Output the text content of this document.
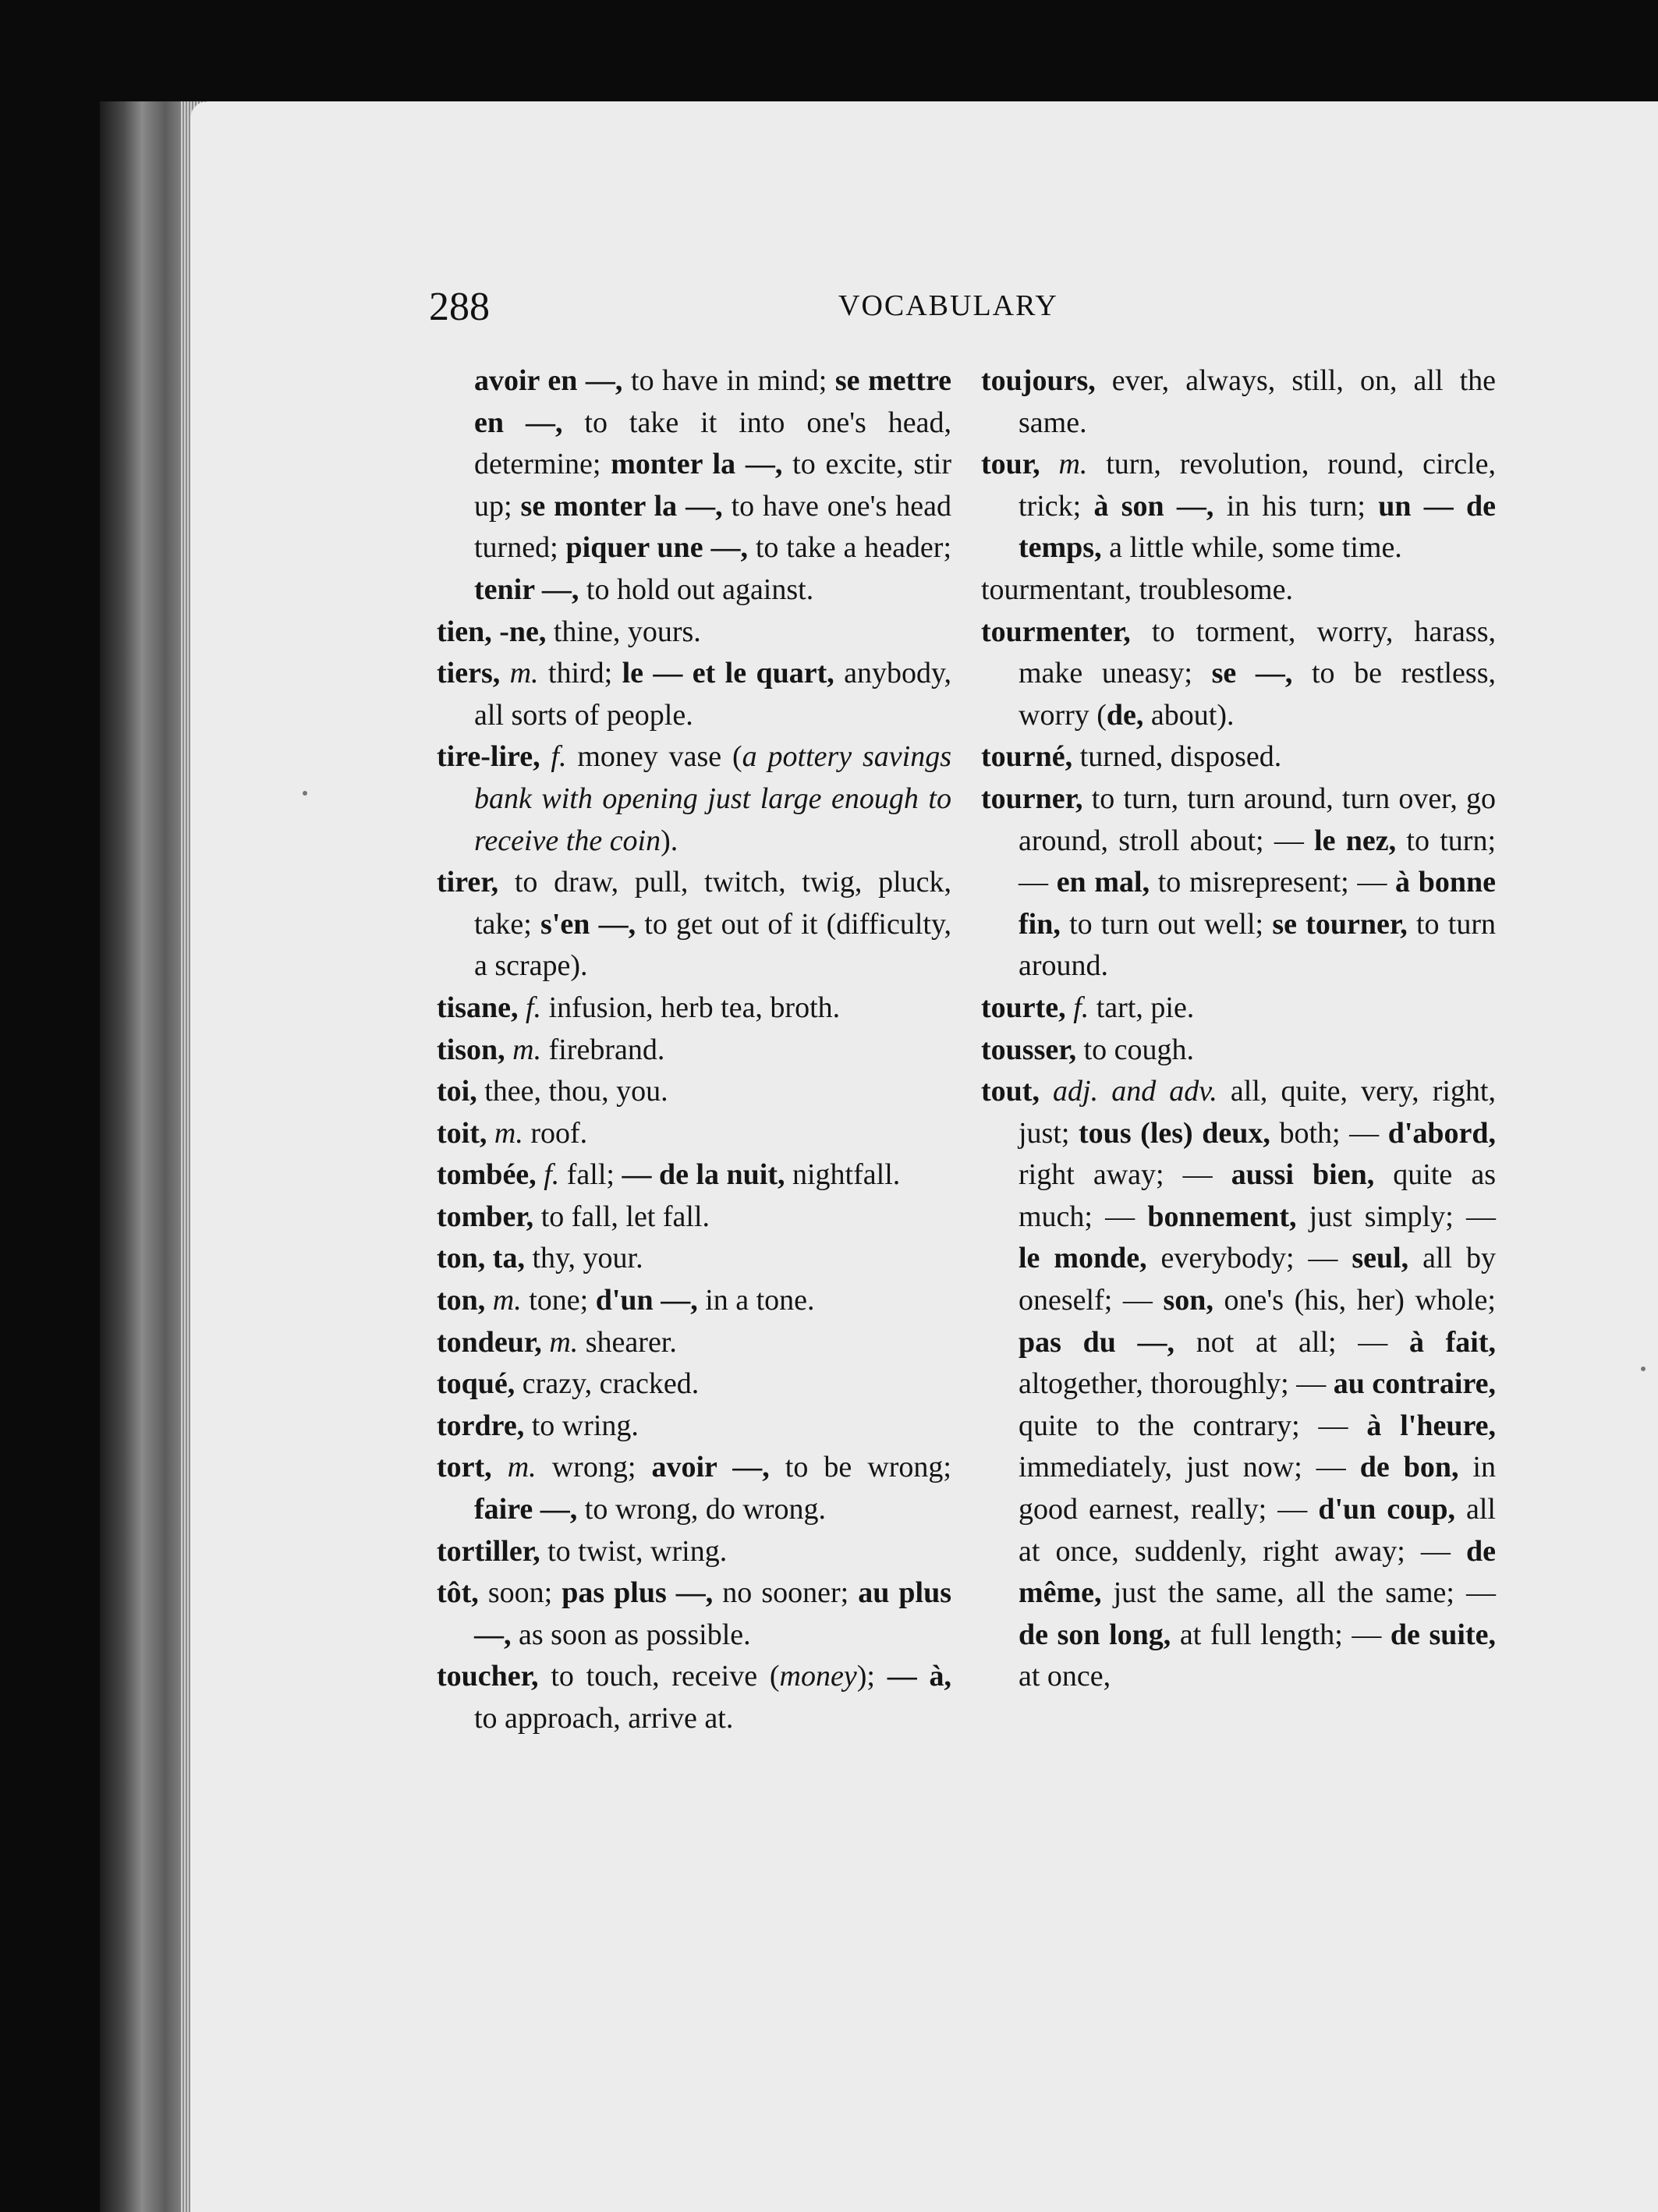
288	VOCABULARY

avoir en —, to have in mind; se mettre en —, to take it into one's head, determine; monter la —, to excite, stir up; se monter la —, to have one's head turned; piquer une —, to take a header; tenir —, to hold out against.

tien, -ne, thine, yours.

tiers, m. third; le — et le quart, anybody, all sorts of people.

tire-lire, f. money vase (a pottery savings bank with opening just large enough to receive the coin).

tirer, to draw, pull, twitch, twig, pluck, take; s'en —, to get out of it (difficulty, a scrape).

tisane, f. infusion, herb tea, broth.

tison, m. firebrand.

toi, thee, thou, you.

toit, m. roof.

tombée, f. fall; — de la nuit, nightfall.

tomber, to fall, let fall.

ton, ta, thy, your.

ton, m. tone; d'un —, in a tone.

tondeur, m. shearer.

toqué, crazy, cracked.

tordre, to wring.

tort, m. wrong; avoir —, to be wrong; faire —, to wrong, do wrong.

tortiller, to twist, wring.

tôt, soon; pas plus —, no sooner; au plus —, as soon as possible.

toucher, to touch, receive (money); — à, to approach, arrive at.

toujours, ever, always, still, on, all the same.

tour, m. turn, revolution, round, circle, trick; à son —, in his turn; un — de temps, a little while, some time.

tourmentant, troublesome.

tourmenter, to torment, worry, harass, make uneasy; se —, to be restless, worry (de, about).

tourné, turned, disposed.

tourner, to turn, turn around, turn over, go around, stroll about; — le nez, to turn; — en mal, to misrepresent; — à bonne fin, to turn out well; se tourner, to turn around.

tourte, f. tart, pie.

tousser, to cough.

tout, adj. and adv. all, quite, very, right, just; tous (les) deux, both; — d'abord, right away; — aussi bien, quite as much; — bonnement, just simply; — le monde, everybody; — seul, all by oneself; — son, one's (his, her) whole; pas du —, not at all; — à fait, altogether, thoroughly; — au contraire, quite to the contrary; — à l'heure, immediately, just now; — de bon, in good earnest, really; — d'un coup, all at once, suddenly, right away; — de même, just the same, all the same; — de son long, at full length; — de suite, at once,
